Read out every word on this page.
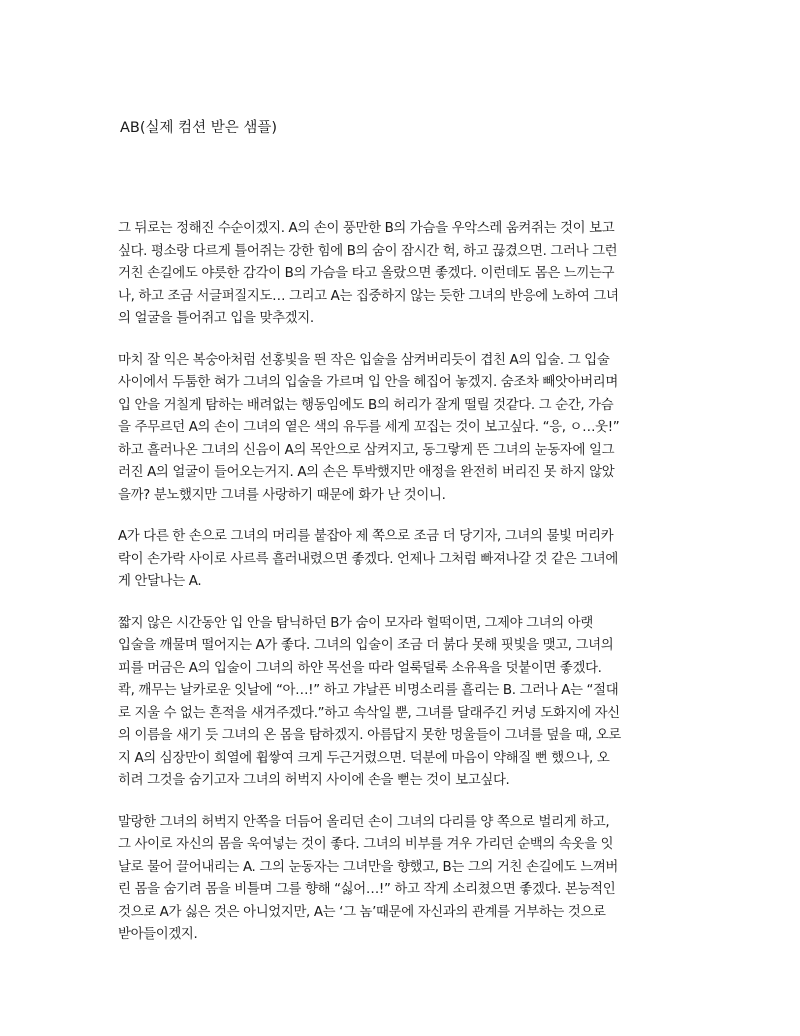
AB(실제 컴션 받은 샘플)

그 뒤로는 정해진 수순이겠지. A의 손이 풍만한 B의 가슴을 우악스레 움켜쥐는 것이 보고
싶다. 평소랑 다르게 틀어쥐는 강한 힘에 B의 숨이 잠시간 헉, 하고 끊겼으면. 그러나 그런
거친 손길에도 야릇한 감각이 B의 가슴을 타고 올랐으면 좋겠다. 이런데도 몸은 느끼는구
나, 하고 조금 서글퍼질지도… 그리고 A는 집중하지 않는 듯한 그녀의 반응에 노하여 그녀
의 얼굴을 틀어쥐고 입을 맞추겠지.

마치 잘 익은 복숭아처럼 선홍빛을 띈 작은 입술을 삼켜버리듯이 겹친 A의 입술. 그 입술
사이에서 두툼한 혀가 그녀의 입술을 가르며 입 안을 헤집어 놓겠지. 숨조차 빼앗아버리며
입 안을 거칠게 탐하는 배려없는 행동임에도 B의 허리가 잘게 떨릴 것같다. 그 순간, 가슴
을 주무르던 A의 손이 그녀의 옅은 색의 유두를 세게 꼬집는 것이 보고싶다. “응, ㅇ…웃!”
하고 흘러나온 그녀의 신음이 A의 목안으로 삼켜지고, 동그랗게 뜬 그녀의 눈동자에 일그
러진 A의 얼굴이 들어오는거지. A의 손은 투박했지만 애정을 완전히 버리진 못 하지 않았
을까? 분노했지만 그녀를 사랑하기 때문에 화가 난 것이니.

A가 다른 한 손으로 그녀의 머리를 붙잡아 제 쪽으로 조금 더 당기자, 그녀의 물빛 머리카
락이 손가락 사이로 사르륵 흘러내렸으면 좋겠다. 언제나 그처럼 빠져나갈 것 같은 그녀에
게 안달나는 A.

짧지 않은 시간동안 입 안을 탐닉하던 B가 숨이 모자라 헐떡이면, 그제야 그녀의 아랫
입술을 깨물며 떨어지는 A가 좋다. 그녀의 입술이 조금 더 붉다 못해 핏빛을 맺고, 그녀의
피를 머금은 A의 입술이 그녀의 하얀 목선을 따라 얼룩덜룩 소유욕을 덧붙이면 좋겠다.
콱, 깨무는 날카로운 잇날에 “아…!” 하고 갸날픈 비명소리를 흘리는 B. 그러나 A는 “절대
로 지울 수 없는 흔적을 새겨주겠다.”하고 속삭일 뿐, 그녀를 달래주긴 커녕 도화지에 자신
의 이름을 새기 듯 그녀의 온 몸을 탐하겠지. 아름답지 못한 멍울들이 그녀를 덮을 때, 오로
지 A의 심장만이 희열에 휩쌓여 크게 두근거렸으면. 덕분에 마음이 약해질 뻔 했으나, 오
히려 그것을 숨기고자 그녀의 허벅지 사이에 손을 뻗는 것이 보고싶다.

말랑한 그녀의 허벅지 안쪽을 더듬어 올리던 손이 그녀의 다리를 양 쪽으로 벌리게 하고,
그 사이로 자신의 몸을 욱여넣는 것이 좋다. 그녀의 비부를 겨우 가리던 순백의 속옷을 잇
날로 물어 끌어내리는 A. 그의 눈동자는 그녀만을 향했고, B는 그의 거친 손길에도 느껴버
린 몸을 숨기려 몸을 비틀며 그를 향해 “싫어…!” 하고 작게 소리쳤으면 좋겠다. 본능적인
것으로 A가 싫은 것은 아니었지만, A는 ‘그 놈’때문에 자신과의 관계를 거부하는 것으로
받아들이겠지.
